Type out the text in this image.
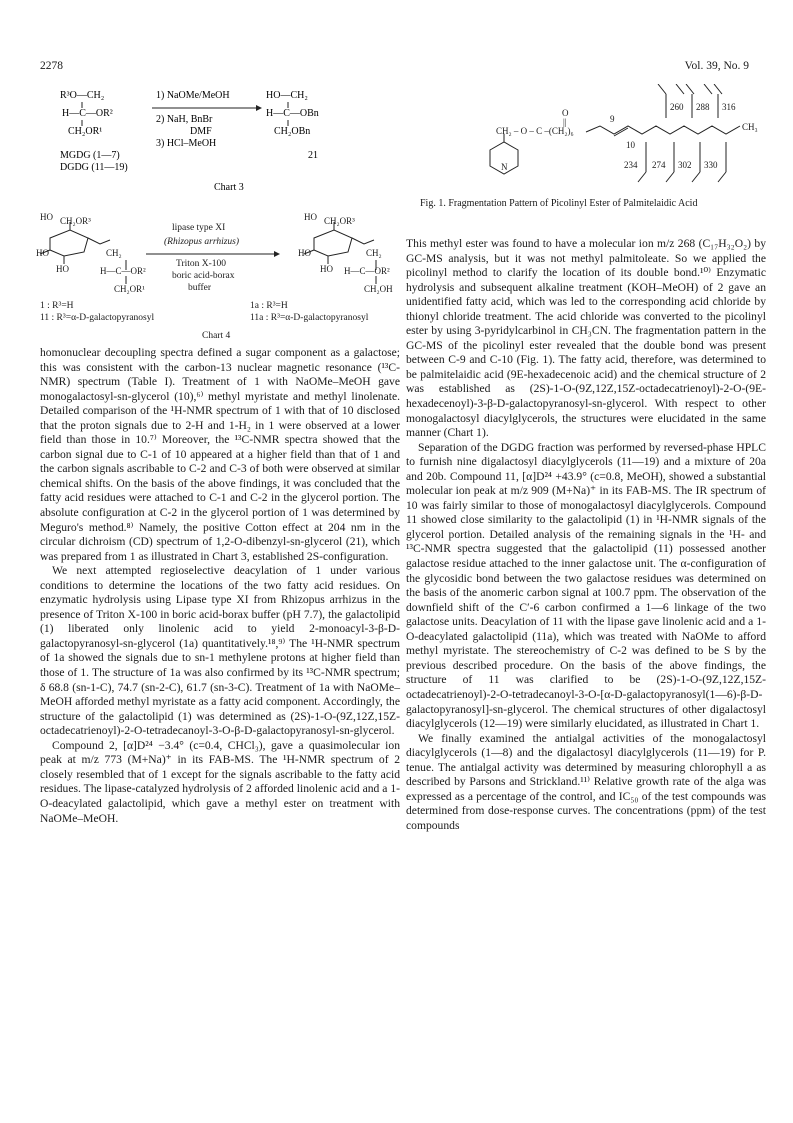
2278	Vol. 39, No. 9
R³O—CH₂
H—C—OR²
CH₂OR¹
1) NaOMe/MeOH
2) NaH, BnBr
DMF
3) HCl–MeOH
HO—CH₂
H—C—OBn
CH₂OBn
MGDG (1—7)
DGDG (11—19)
21
Chart 3
HO CH₂OR³
HO
HO
CH₂
H—C—OR²
CH₂OR¹
HO CH₂OR³
HO
HO
CH₂
H—C—OR²
CH₂OH
lipase type XI
(Rhizopus arrhizus)
Triton X-100
boric acid-borax
buffer
1 : R³=H
11 : R³=α-D-galactopyranosyl
1a : R³=H
11a : R³=α-D-galactopyranosyl
Chart 4
260 288 316
234 274 302 330
CH₂ – O – C –(CH₂)₆
O
||	9
10
CH₃
N
Fig. 1. Fragmentation Pattern of Picolinyl Ester of Palmitelaidic Acid

homonuclear decoupling spectra defined a sugar component as a galactose; this was consistent with the carbon-13 nuclear magnetic resonance (¹³C-NMR) spectrum (Table I). Treatment of 1 with NaOMe–MeOH gave monogalactosyl-sn-glycerol (10),⁶⁾ methyl myristate and methyl linolenate. Detailed comparison of the ¹H-NMR spectrum of 1 with that of 10 disclosed that the proton signals due to 2-H and 1-H₂ in 1 were observed at a lower field than those in 10.⁷⁾ Moreover, the ¹³C-NMR spectra showed that the carbon signal due to C-1 of 10 appeared at a higher field than that of 1 and the carbon signals ascribable to C-2 and C-3 of both were observed at similar chemical shifts. On the basis of the above findings, it was concluded that the fatty acid residues were attached to C-1 and C-2 in the glycerol portion. The absolute configuration at C-2 in the glycerol portion of 1 was determined by Meguro's method.⁸⁾ Namely, the positive Cotton effect at 204 nm in the circular dichroism (CD) spectrum of 1,2-O-dibenzyl-sn-glycerol (21), which was prepared from 1 as illustrated in Chart 3, established 2S-configuration.

We next attempted regioselective deacylation of 1 under various conditions to determine the locations of the two fatty acid residues. On enzymatic hydrolysis using Lipase type XI from Rhizopus arrhizus in the presence of Triton X-100 in boric acid-borax buffer (pH 7.7), the galactolipid (1) liberated only linolenic acid to yield 2-monoacyl-3-β-D-galactopyranosyl-sn-glycerol (1a) quantitatively.¹⁸,⁹⁾ The ¹H-NMR spectrum of 1a showed the signals due to sn-1 methylene protons at higher field than those of 1. The structure of 1a was also confirmed by its ¹³C-NMR spectrum; δ 68.8 (sn-1-C), 74.7 (sn-2-C), 61.7 (sn-3-C). Treatment of 1a with NaOMe–MeOH afforded methyl myristate as a fatty acid component. Accordingly, the structure of the galactolipid (1) was determined as (2S)-1-O-(9Z,12Z,15Z-octadecatrienoyl)-2-O-tetradecanoyl-3-O-β-D-galactopyranosyl-sn-glycerol.

Compound 2, [α]D²⁴ −3.4° (c=0.4, CHCl₃), gave a quasimolecular ion peak at m/z 773 (M+Na)⁺ in its FAB-MS. The ¹H-NMR spectrum of 2 closely resembled that of 1 except for the signals ascribable to the fatty acid residues. The lipase-catalyzed hydrolysis of 2 afforded linolenic acid and a 1-O-deacylated galactolipid, which gave a methyl ester on treatment with NaOMe–MeOH.

This methyl ester was found to have a molecular ion m/z 268 (C₁₇H₃₂O₂) by GC-MS analysis, but it was not methyl palmitoleate. So we applied the picolinyl method to clarify the location of its double bond.¹⁰⁾ Enzymatic hydrolysis and subsequent alkaline treatment (KOH–MeOH) of 2 gave an unidentified fatty acid, which was led to the corresponding acid chloride by thionyl chloride treatment. The acid chloride was converted to the picolinyl ester by using 3-pyridylcarbinol in CH₃CN. The fragmentation pattern in the GC-MS of the picolinyl ester revealed that the double bond was present between C-9 and C-10 (Fig. 1). The fatty acid, therefore, was determined to be palmitelaidic acid (9E-hexadecenoic acid) and the chemical structure of 2 was established as (2S)-1-O-(9Z,12Z,15Z-octadecatrienoyl)-2-O-(9E-hexadecenoyl)-3-β-D-galactopyranosyl-sn-glycerol. With respect to other monogalactosyl diacylglycerols, the structures were elucidated in the same manner (Chart 1).

Separation of the DGDG fraction was performed by reversed-phase HPLC to furnish nine digalactosyl diacylglycerols (11—19) and a mixture of 20a and 20b. Compound 11, [α]D²⁴ +43.9° (c=0.8, MeOH), showed a substantial molecular ion peak at m/z 909 (M+Na)⁺ in its FAB-MS. The IR spectrum of 10 was fairly similar to those of monogalactosyl diacylglycerols. Compound 11 showed close similarity to the galactolipid (1) in ¹H-NMR signals of the glycerol portion. Detailed analysis of the remaining signals in the ¹H- and ¹³C-NMR spectra suggested that the galactolipid (11) possessed another galactose residue attached to the inner galactose unit. The α-configuration of the glycosidic bond between the two galactose residues was determined on the basis of the anomeric carbon signal at 100.7 ppm. The observation of the downfield shift of the C′-6 carbon confirmed a 1—6 linkage of the two galactose units. Deacylation of 11 with the lipase gave linolenic acid and a 1-O-deacylated galactolipid (11a), which was treated with NaOMe to afford methyl myristate. The stereochemistry of C-2 was defined to be S by the previous described procedure. On the basis of the above findings, the structure of 11 was clarified to be (2S)-1-O-(9Z,12Z,15Z-octadecatrienoyl)-2-O-tetradecanoyl-3-O-[α-D-galactopyranosyl(1—6)-β-D-galactopyranosyl]-sn-glycerol. The chemical structures of other digalactosyl diacylglycerols (12—19) were similarly elucidated, as illustrated in Chart 1.

We finally examined the antialgal activities of the monogalactosyl diacylglycerols (1—8) and the digalactosyl diacylglycerols (11—19) for P. tenue. The antialgal activity was determined by measuring chlorophyll a as described by Parsons and Strickland.¹¹⁾ Relative growth rate of the alga was expressed as a percentage of the control, and IC₅₀ of the test compounds was determined from dose-response curves. The concentrations (ppm) of the test compounds
